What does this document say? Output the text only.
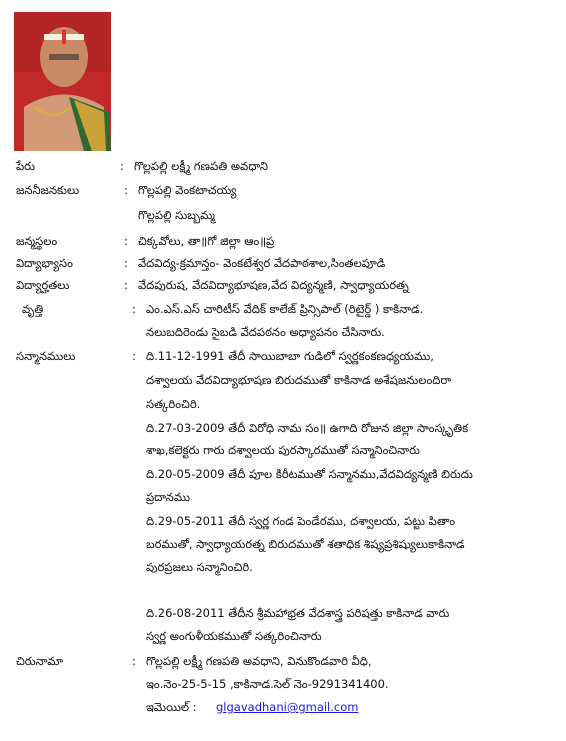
పేరు	: గొల్లపల్లి లక్ష్మీ గణపతి అవధాని
జననీజనకులు	: గొల్లపల్లి వెంకటాచయ్య
గొల్లపల్లి సుబ్బమ్మ
జన్మస్థలం	: చిక్కవోలు, తా॥గో జిల్లా ఆం॥ప్ర
విద్యాభ్యాసం	: వేదవిద్య-క్రమాన్తం- వెంకటేశ్వర వేదపాఠశాల,సింతలపూడి
విద్యార్హతలు	: వేదపురుష, వేదవిద్యాభూషణ,వేద విద్యన్మణి, స్వాధ్యాయరత్న
వృత్తి	: ఎం.ఎస్.ఎస్ చారిటీస్ వేదిక్ కాలేజ్ ప్రిన్సిపాల్ (రిటైర్డ్ ) కాకినాడ.
నలుబదిరెండు సైబడి వేదపఠనం అధ్యాపనం చేసినారు.
సన్మానములు	: ది.11-12-1991 తేదీ సాయిబాబా గుడిలో స్వర్ణకంకణధ్యయము,
దశ్వాలయ వేదవిద్యాభూషణ బిరుదముతో కాకినాడ అశేషజనులందిరా
సత్కరించిరి.
ది.27-03-2009 తేదీ విరోధి నామ సం॥ ఉగాది రోజున జిల్లా సాంస్కృతిక
శాఖ,కలెక్టరు గారు దశ్వాలయ పురస్కారముతో సన్మానించినారు
ది.20-05-2009 తేదీ పూల కిరీటముతో సన్మానము,వేదవిద్యన్మణి బిరుదు
ప్రదానము
ది.29-05-2011 తేదీ స్వర్ణ గండ పెండేరము, దశ్వాలయ, పట్టు పితాం
బరముతో, స్వాధ్యాయరత్న బిరుదముతో శతాధిక శిష్యప్రశిష్యులుకాకినాడ
పురప్రజలు సన్మానించిరి.
ది.26-08-2011 తేదీన శ్రీమహాభ్రత వేదశాస్త్ర పరిషత్తు కాకినాడ వారు
స్వర్ణ అంగుళీయకముతో సత్కరించినారు
చిరునామా	: గొల్లపల్లి లక్ష్మీ గణపతి అవధాని, వినుకొండవారి వీధి,
ఇం.నెం-25-5-15 ,కాకినాడ.సెల్ నెం-9291341400.
ఇమెయిల్ : glgavadhani@gmail.com
